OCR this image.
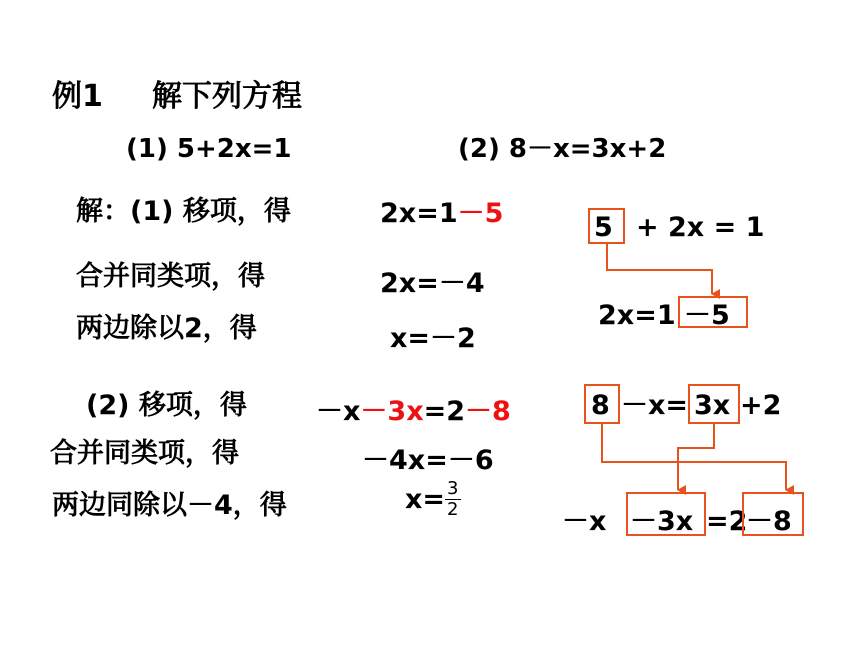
例1 解下列方程
(1) 5+2x=1	(2) 8－x=3x+2
解：(1) 移项，得	2x=1－5
合并同类项，得	2x=－4
两边除以2，得	x=－2
(2) 移项，得	－x－3x=2－8
合并同类项，得	－4x=－6
两边同除以－4，得	$x= \frac{3}{2}$
5 + 2x = 1
2x=1 －5
8 －x= 3x +2
－x －3x =2
－8
